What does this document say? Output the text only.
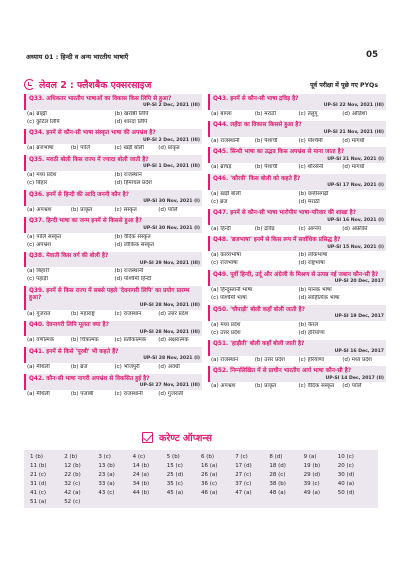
अध्याय 01 : हिन्दी व अन्य भारतीय भाषाएँ	05
लेवल 2 : फ्लैशबैक एक्सरसाइज	पूर्व परीक्षा में पूछे गए PYQs
Q33. अधिकतर भारतीय भाषाओं का विकास किस लिपि से हुआ?
UP-SI 2 Dec, 2021 (III)
(a) ब्राह्मी	(b) खरोष्ठी लिपि
(c) कुटिल लिपि	(d) शारदा लिपि
Q34. इनमें से कौन-सी भाषा संस्कृत भाषा की अपभ्रंश है?
UP-SI 2 Dec, 2021 (III)
(a) ब्रजभाषा	(b) पालि	(c) खड़ी बोली	(d) प्राकृत
Q35. मराठी बोली किस राज्य में ज्यादा बोली जाती है?
UP-SI 1 Dec, 2021 (III)
(a) मध्य प्रदेश	(b) राजस्थान
(c) बिहार	(d) हिमाचल प्रदेश
Q36. इनमें से हिन्दी की आदि जननी कौन है?
UP-SI 30 Nov, 2021 (I)
(a) अपभ्रंश	(b) प्राकृत	(c) संस्कृत	(d) पालि
Q37. हिन्दी भाषा का जन्म इनमें से किससे हुआ है?
UP-SI 30 Nov, 2021 (I)
(a) पालि संस्कृत	(b) वैदिक संस्कृत
(c) अपभ्रंश	(d) लौकिक संस्कृत
Q38. मेवाती किस वर्ग की बोली है?
UP-SI 29 Nov, 2021 (III)
(a) बिहारी	(b) राजस्थानी
(c) पहाड़ी	(d) पश्चिमी हिन्दी
Q39. इनमें से किस राज्य में सबसे पहले 'देवनागरी लिपि' का प्रयोग प्रारम्भ हुआ?
UP-SI 28 Nov, 2021 (III)
(a) गुजरात	(b) महाराष्ट्र	(c) राजस्थान	(d) उत्तर प्रदेश
Q40. देवनागरी लिपि मूलतः क्या है?
UP-SI 28 Nov, 2021 (III)
(a) वर्णात्मक	(b) चित्रात्मक	(c) प्रतीकात्मक	(d) अक्षरात्मक
Q41. इनमें से किसे 'पूरबी' भी कहते हैं?
UP-SI 28 Nov, 2021 (I)
(a) मैथिली	(b) ब्रज	(c) भोजपुरी	(d) अवधी
Q42. कौन-सी भाषा नागरी अपभ्रंश से विकसित हुई है?
UP-SI 27 Nov, 2021 (III)
(a) मैथिली	(b) पंजाबी	(c) राजस्थानी	(d) गुजराती
Q43. इनमें से कौन-सी भाषा द्रविड़ है?
UP-SI 22 Nov, 2021 (III)
(a) बांग्ला	(b) मराठी	(c) तेलुगू	(d) ओडिशा
Q44. लहँदा का विकास किससे हुआ है?
UP-SI 21 Nov, 2021 (III)
(a) राजस्थानी	(b) पैशाची	(c) पश्चिमी	(d) मागधी
Q45. सिन्धी भाषा का उद्भव किस अपभ्रंश से माना जाता है?
UP-SI 21 Nov, 2021 (I)
(a) ब्राचड़	(b) पैशाची	(c) शौरसेनी	(d) मागधी
Q46. 'कौरवी' किस बोली को कहते हैं?
UP-SI 17 Nov, 2021 (I)
(a) खड़ी बोली	(b) छत्तीसगढ़ी
(c) ब्रज	(d) मराठी
Q47. इनमें से कौन-सी भाषा भारोपीय भाषा-परिवार की शाखा है?
UP-SI 16 Nov, 2021 (I)
(a) हिन्दी	(b) द्रविड़	(c) आग्नेय	(d) अफ्रीकी
Q48. 'ब्रजभाषा' इनमें से किस रूप में सर्वाधिक प्रसिद्ध है?
UP-SI 15 Nov, 2021 (I)
(a) काव्यभाषा	(b) लोकभाषा
(c) राजभाषा	(d) राष्ट्रभाषा
Q49. पूर्वी हिन्दी, उर्दू और अंग्रेजी के मिश्रण से उत्पन्न नई जबान कौन-सी है?
UP-SI 20 Dec, 2017
(a) हिन्दुस्तानी भाषा	(b) मानक भाषा
(c) पश्चिमी भाषा	(d) साहित्यिक भाषा
Q50. 'चौपाड़ी' बोली कहाँ बोली जाती है?
UP-SI 19 Dec, 2017
(a) मध्य प्रदेश	(b) केरल
(c) उत्तर प्रदेश	(d) हरियाणा
Q51. 'हाड़ौती' बोली कहाँ बोली जाती है?
UP-SI 16 Dec, 2017
(a) राजस्थान	(b) उत्तर प्रदेश	(c) हरियाणा	(d) मध्य प्रदेश
Q52. निम्नलिखित में से प्राचीन भारतीय आर्य भाषा कौन-सी है?
UP-SI 14 Dec, 2017 (II)
(a) अपभ्रंश	(b) प्राकृत	(c) वैदिक संस्कृत	(d) पालि
करेण्ट ऑप्शन्स
1 (b)	2 (b)	3 (c)	4 (c)	5 (b)	6 (b)	7 (c)	8 (d)	9 (a)	10 (c)
11 (b)	12 (b)	13 (b)	14 (b)	15 (c)	16 (a)	17 (d)	18 (d)	19 (b)	20 (c)
21 (c)	22 (b)	23 (a)	24 (a)	25 (d)	26 (a)	27 (c)	28 (c)	29 (d)	30 (d)
31 (d)	32 (c)	33 (a)	34 (b)	35 (c)	36 (c)	37 (c)	38 (b)	39 (c)	40 (a)
41 (c)	42 (a)	43 (c)	44 (b)	45 (a)	46 (a)	47 (a)	48 (a)	49 (a)	50 (d)
51 (a)	52 (c)
